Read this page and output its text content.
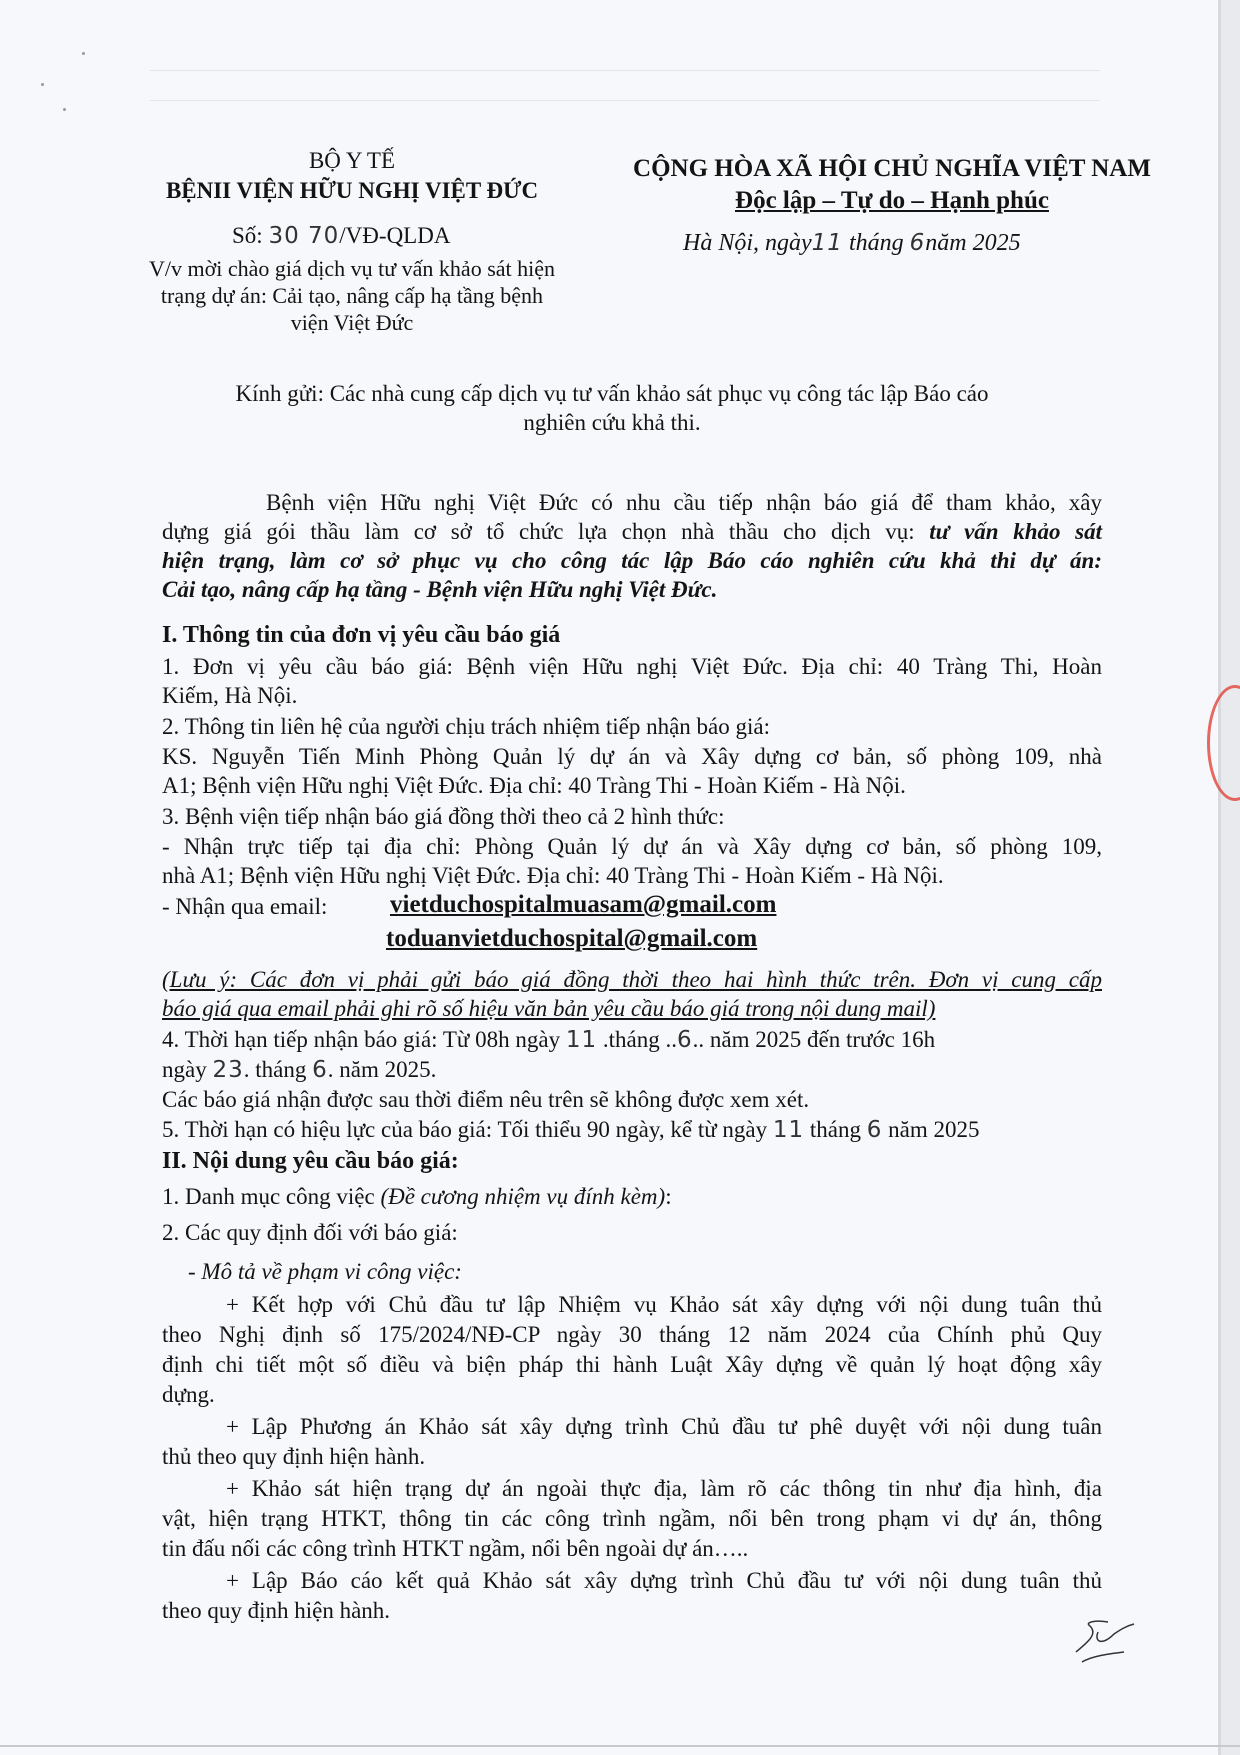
BỘ Y TẾ
BỆNII VIỆN HỮU NGHỊ VIỆT ĐỨC
Số: 30 70/VĐ-QLDA
V/v mời chào giá dịch vụ tư vấn khảo sát hiện
trạng dự án: Cải tạo, nâng cấp hạ tầng bệnh
viện Việt Đức
CỘNG HÒA XÃ HỘI CHỦ NGHĨA VIỆT NAM
Độc lập – Tự do – Hạnh phúc
Hà Nội, ngày11 tháng 6năm 2025
Kính gửi: Các nhà cung cấp dịch vụ tư vấn khảo sát phục vụ công tác lập Báo cáo
nghiên cứu khả thi.
Bệnh viện Hữu nghị Việt Đức có nhu cầu tiếp nhận báo giá để tham khảo, xây
dựng giá gói thầu làm cơ sở tổ chức lựa chọn nhà thầu cho dịch vụ: tư vấn khảo sát
hiện trạng, làm cơ sở phục vụ cho công tác lập Báo cáo nghiên cứu khả thi dự án:
Cải tạo, nâng cấp hạ tầng - Bệnh viện Hữu nghị Việt Đức.
I. Thông tin của đơn vị yêu cầu báo giá
1. Đơn vị yêu cầu báo giá: Bệnh viện Hữu nghị Việt Đức. Địa chỉ: 40 Tràng Thi, Hoàn
Kiếm, Hà Nội.
2. Thông tin liên hệ của người chịu trách nhiệm tiếp nhận báo giá:
KS. Nguyễn Tiến Minh Phòng Quản lý dự án và Xây dựng cơ bản, số phòng 109, nhà
A1; Bệnh viện Hữu nghị Việt Đức. Địa chỉ: 40 Tràng Thi - Hoàn Kiếm - Hà Nội.
3. Bệnh viện tiếp nhận báo giá đồng thời theo cả 2 hình thức:
- Nhận trực tiếp tại địa chỉ: Phòng Quản lý dự án và Xây dựng cơ bản, số phòng 109,
nhà A1; Bệnh viện Hữu nghị Việt Đức. Địa chỉ: 40 Tràng Thi - Hoàn Kiếm - Hà Nội.
- Nhận qua email:	vietduchospitalmuasam@gmail.com
toduanvietduchospital@gmail.com
(Lưu ý: Các đơn vị phải gửi báo giá đồng thời theo hai hình thức trên. Đơn vị cung cấp
báo giá qua email phải ghi rõ số hiệu văn bản yêu cầu báo giá trong nội dung mail)
4. Thời hạn tiếp nhận báo giá: Từ 08h ngày 11 .tháng ..6.. năm 2025 đến trước 16h
ngày 23. tháng 6. năm 2025.
Các báo giá nhận được sau thời điểm nêu trên sẽ không được xem xét.
5. Thời hạn có hiệu lực của báo giá: Tối thiểu 90 ngày, kể từ ngày 11 tháng 6 năm 2025
II. Nội dung yêu cầu báo giá:
1. Danh mục công việc (Đề cương nhiệm vụ đính kèm):
2. Các quy định đối với báo giá:
- Mô tả về phạm vi công việc:
+ Kết hợp với Chủ đầu tư lập Nhiệm vụ Khảo sát xây dựng với nội dung tuân thủ
theo Nghị định số 175/2024/NĐ-CP ngày 30 tháng 12 năm 2024 của Chính phủ Quy
định chi tiết một số điều và biện pháp thi hành Luật Xây dựng về quản lý hoạt động xây
dựng.
+ Lập Phương án Khảo sát xây dựng trình Chủ đầu tư phê duyệt với nội dung tuân
thủ theo quy định hiện hành.
+ Khảo sát hiện trạng dự án ngoài thực địa, làm rõ các thông tin như địa hình, địa
vật, hiện trạng HTKT, thông tin các công trình ngầm, nổi bên trong phạm vi dự án, thông
tin đấu nối các công trình HTKT ngầm, nổi bên ngoài dự án…..
+ Lập Báo cáo kết quả Khảo sát xây dựng trình Chủ đầu tư với nội dung tuân thủ
theo quy định hiện hành.
